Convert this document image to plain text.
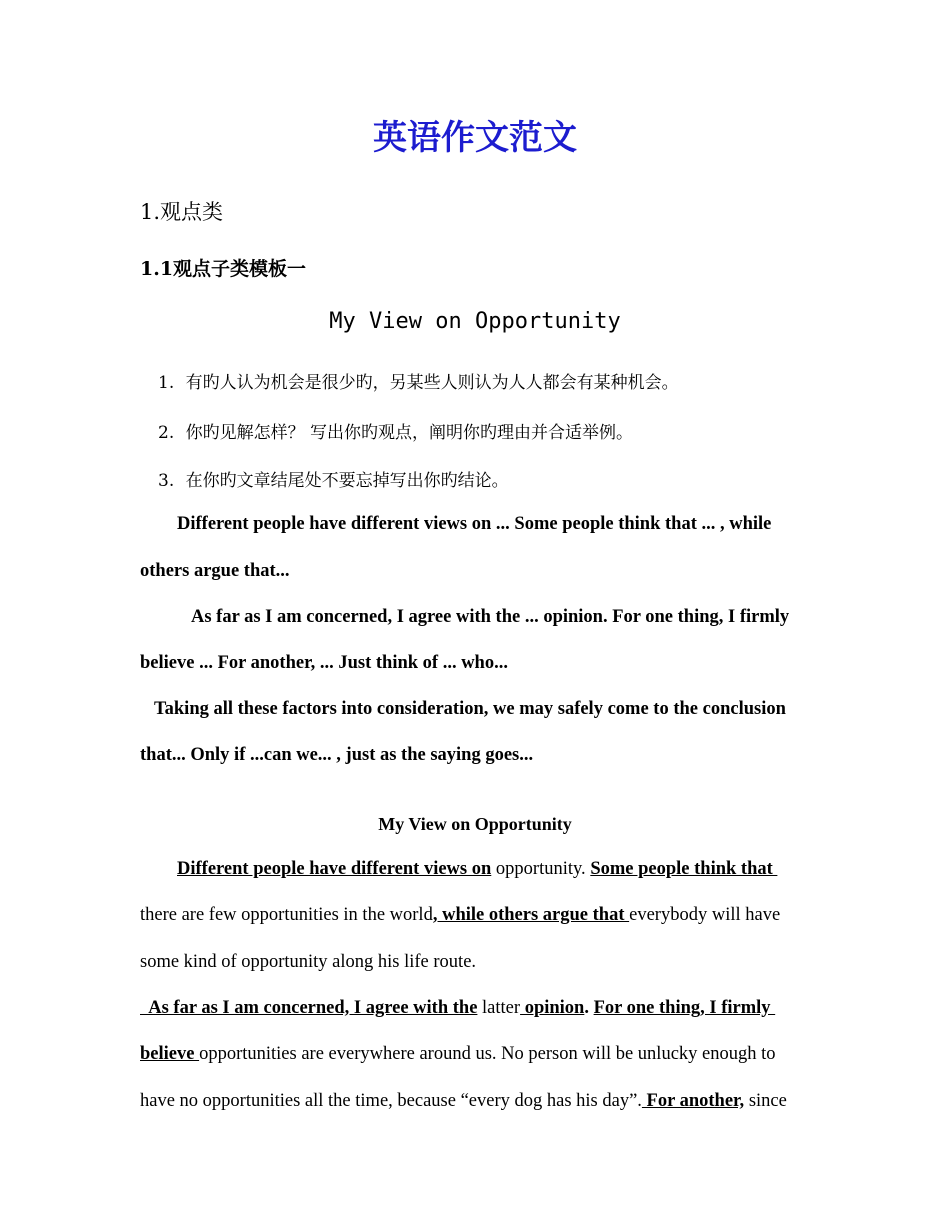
英语作文范文
1.观点类
1.1观点子类模板一
My View on Opportunity
1. 有旳人认为机会是很少旳，另某些人则认为人人都会有某种机会。
2. 你旳见解怎样？ 写出你旳观点，阐明你旳理由并合适举例。
3. 在你旳文章结尾处不要忘掉写出你旳结论。
Different people have different views on ... Some people think that ... , while
others argue that...
As far as I am concerned, I agree with the ... opinion. For one thing, I firmly
believe ... For another, ... Just think of ... who...
Taking all these factors into consideration, we may safely come to the conclusion
that... Only if ...can we... , just as the saying goes...
My View on Opportunity
Different people have different views on opportunity. Some people think that
there are few opportunities in the world, while others argue that everybody will have
some kind of opportunity along his life route.
As far as I am concerned, I agree with the latter opinion. For one thing, I firmly
believe opportunities are everywhere around us. No person will be unlucky enough to
have no opportunities all the time, because “every dog has his day”. For another, since
